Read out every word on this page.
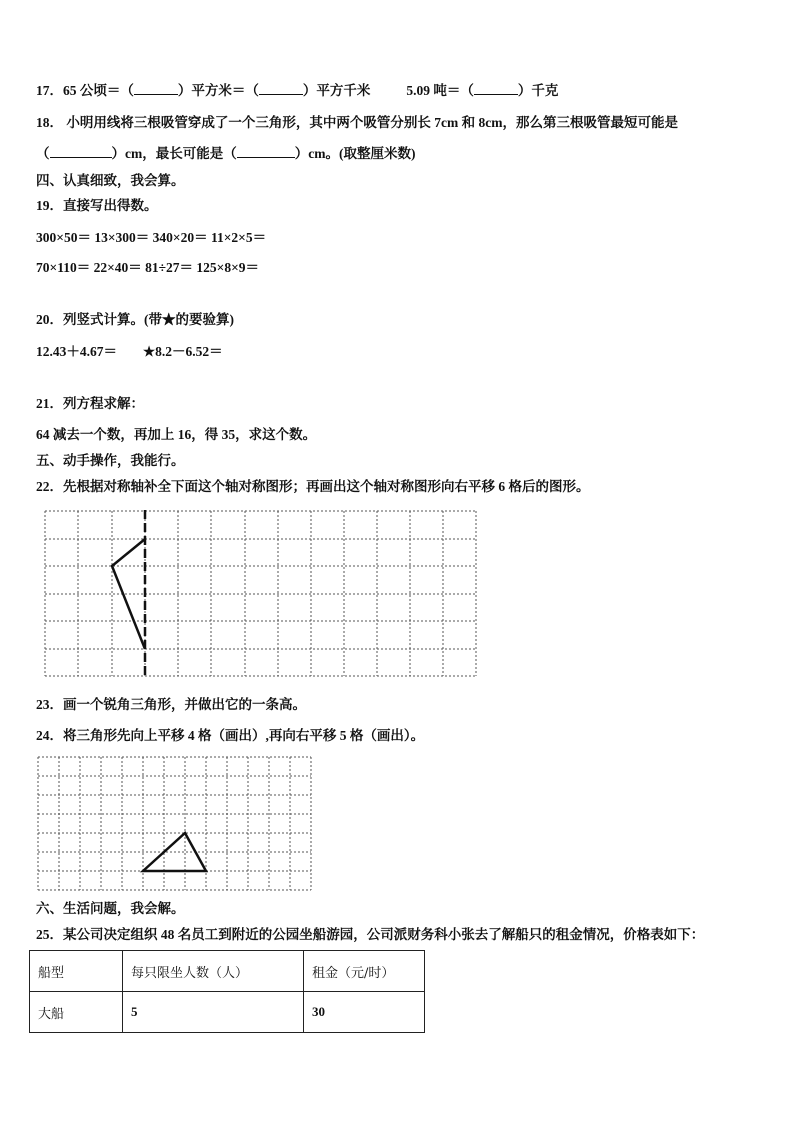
17．65 公顷＝（	）平方米＝（	）平方千米	5.09 吨＝（	）千克
18． 小明用线将三根吸管穿成了一个三角形，其中两个吸管分别长 7cm 和 8cm，那么第三根吸管最短可能是
（	）cm，最长可能是（	）cm。(取整厘米数)
四、认真细致，我会算。
19．直接写出得数。
300×50＝ 13×300＝ 340×20＝ 11×2×5＝
70×110＝ 22×40＝ 81÷27＝ 125×8×9＝
20．列竖式计算。(带★的要验算)
12.43＋4.67＝ ★8.2－6.52＝
21．列方程求解：
64 减去一个数，再加上 16，得 35，求这个数。
五、动手操作，我能行。
22．先根据对称轴补全下面这个轴对称图形；再画出这个轴对称图形向右平移 6 格后的图形。
23．画一个锐角三角形，并做出它的一条高。
24．将三角形先向上平移 4 格（画出）,再向右平移 5 格（画出）。
六、生活问题，我会解。
25．某公司决定组织 48 名员工到附近的公园坐船游园，公司派财务科小张去了解船只的租金情况，价格表如下：
船型	每只限坐人数（人）	租金（元/时）
大船	5	30
